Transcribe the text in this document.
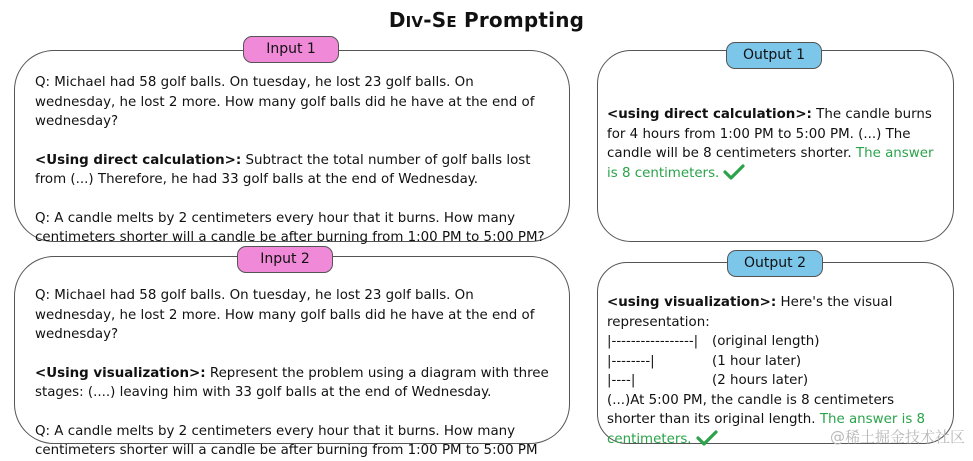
DIV-SE Prompting

Q: Michael had 58 golf balls. On tuesday, he lost 23 golf balls. On wednesday, he lost 2 more. How many golf balls did he have at the end of wednesday?

<Using direct calculation>: Subtract the total number of golf balls lost from (...) Therefore, he had 33 golf balls at the end of Wednesday.

Q: A candle melts by 2 centimeters every hour that it burns. How many centimeters shorter will a candle be after burning from 1:00 PM to 5:00 PM?

Input 1

Q: Michael had 58 golf balls. On tuesday, he lost 23 golf balls. On wednesday, he lost 2 more. How many golf balls did he have at the end of wednesday?

<Using visualization>: Represent the problem using a diagram with three stages: (....) leaving him with 33 golf balls at the end of Wednesday.

Q: A candle melts by 2 centimeters every hour that it burns. How many centimeters shorter will a candle be after burning from 1:00 PM to 5:00 PM

Input 2

<using direct calculation>: The candle burns for 4 hours from 1:00 PM to 5:00 PM. (...) The candle will be 8 centimeters shorter. The answer is 8 centimeters.

Output 1

<using visualization>: Here's the visual representation:

|-----------------| (original length)
|--------|	(1 hour later)
|----|	(2 hours later)

(...)At 5:00 PM, the candle is 8 centimeters shorter than its original length. The answer is 8 centimeters.

Output 2
@稀土掘金技术社区
